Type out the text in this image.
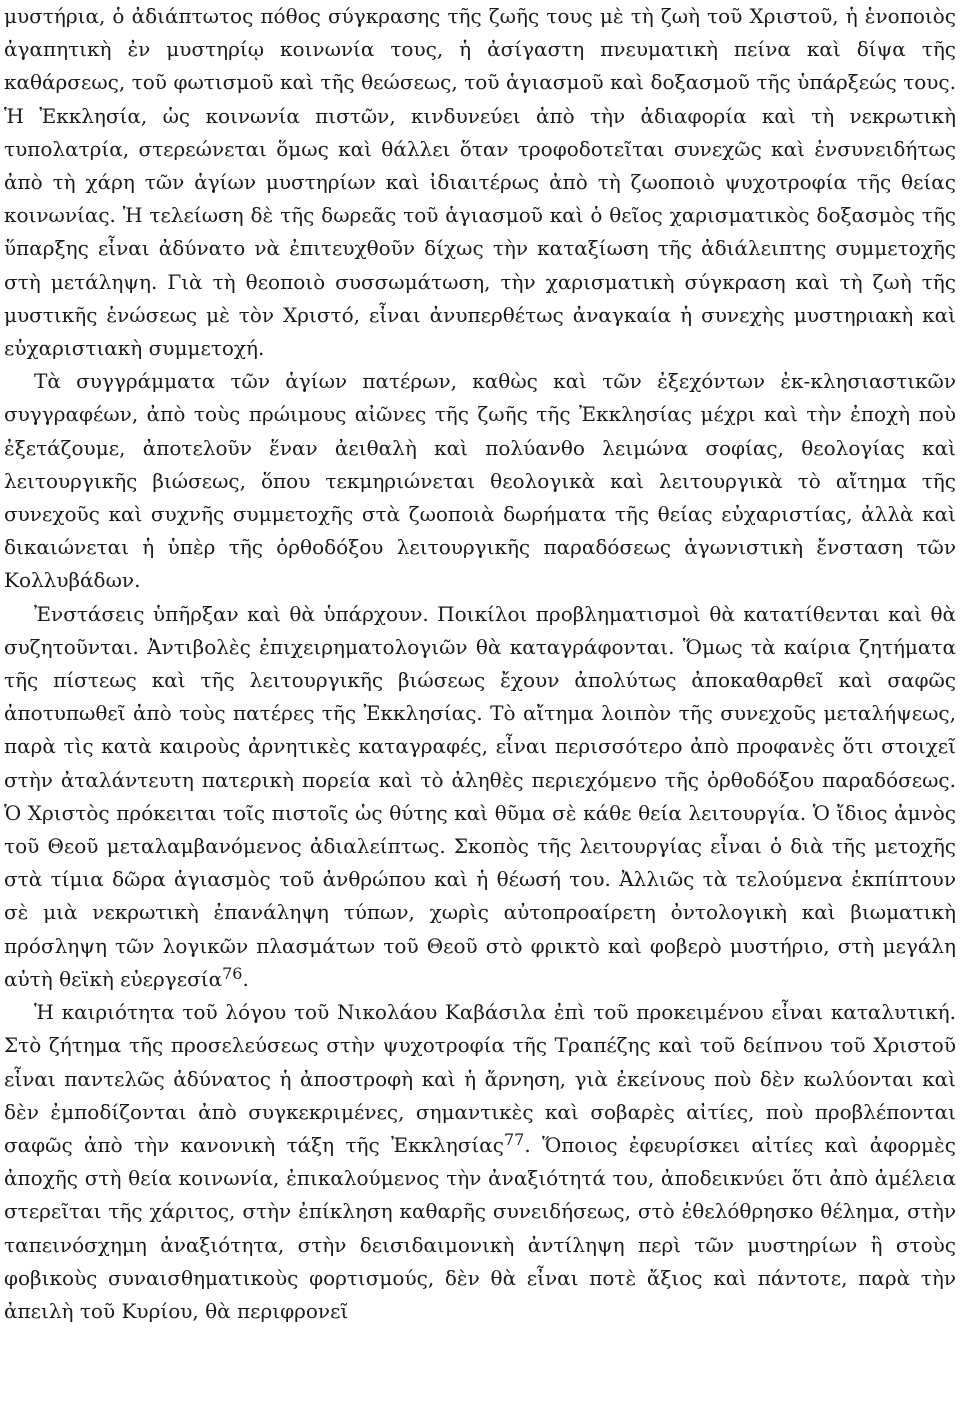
μυστήρια, ὁ ἀδιάπτωτος πόθος σύγκρασης τῆς ζωῆς τους μὲ τὴ ζωὴ τοῦ Χριστοῦ, ἡ ἑνοποιὸς ἀγαπητικὴ ἐν μυστηρίῳ κοινωνία τους, ἡ ἀσίγαστη πνευματικὴ πείνα καὶ δίψα τῆς καθάρσεως, τοῦ φωτισμοῦ καὶ τῆς θεώσεως, τοῦ ἁγιασμοῦ καὶ δοξασμοῦ τῆς ὑπάρξεώς τους. Ἡ Ἐκκλησία, ὡς κοινωνία πιστῶν, κινδυνεύει ἀπὸ τὴν ἀδιαφορία καὶ τὴ νεκρωτικὴ τυπολατρία, στερεώνεται ὅμως καὶ θάλλει ὅταν τροφοδοτεῖται συνεχῶς καὶ ἐνσυνειδήτως ἀπὸ τὴ χάρη τῶν ἁγίων μυστηρίων καὶ ἰδιαιτέρως ἀπὸ τὴ ζωοποιὸ ψυχοτροφία τῆς θείας κοινωνίας. Ἡ τελείωση δὲ τῆς δωρεᾶς τοῦ ἁγιασμοῦ καὶ ὁ θεῖος χαρισματικὸς δοξασμὸς τῆς ὕπαρξης εἶναι ἀδύνατο νὰ ἐπιτευχθοῦν δίχως τὴν καταξίωση τῆς ἀδιάλειπτης συμμετοχῆς στὴ μετάληψη. Γιὰ τὴ θεοποιὸ συσσωμάτωση, τὴν χαρισματικὴ σύγκραση καὶ τὴ ζωὴ τῆς μυστικῆς ἑνώσεως μὲ τὸν Χριστό, εἶναι ἀνυπερθέτως ἀναγκαία ἡ συνεχὴς μυστηριακὴ καὶ εὐχαριστιακὴ συμμετοχή.

Τὰ συγγράμματα τῶν ἁγίων πατέρων, καθὼς καὶ τῶν ἐξεχόντων ἐκ-κλησιαστικῶν συγγραφέων, ἀπὸ τοὺς πρώιμους αἰῶνες τῆς ζωῆς τῆς Ἐκκλησίας μέχρι καὶ τὴν ἐποχὴ ποὺ ἐξετάζουμε, ἀποτελοῦν ἕναν ἀειθαλὴ καὶ πολύανθο λειμώνα σοφίας, θεολογίας καὶ λειτουργικῆς βιώσεως, ὅπου τεκμηριώνεται θεολογικὰ καὶ λειτουργικὰ τὸ αἴτημα τῆς συνεχοῦς καὶ συχνῆς συμμετοχῆς στὰ ζωοποιὰ δωρήματα τῆς θείας εὐχαριστίας, ἀλλὰ καὶ δικαιώνεται ἡ ὑπὲρ τῆς ὀρθοδόξου λειτουργικῆς παραδόσεως ἀγωνιστικὴ ἔνσταση τῶν Κολλυβάδων.

Ἐνστάσεις ὑπῆρξαν καὶ θὰ ὑπάρχουν. Ποικίλοι προβληματισμοὶ θὰ κατατίθενται καὶ θὰ συζητοῦνται. Ἀντιβολὲς ἐπιχειρηματολογιῶν θὰ καταγράφονται. Ὅμως τὰ καίρια ζητήματα τῆς πίστεως καὶ τῆς λειτουργικῆς βιώσεως ἔχουν ἀπολύτως ἀποκαθαρθεῖ καὶ σαφῶς ἀποτυπωθεῖ ἀπὸ τοὺς πατέρες τῆς Ἐκκλησίας. Τὸ αἴτημα λοιπὸν τῆς συνεχοῦς μεταλήψεως, παρὰ τὶς κατὰ καιροὺς ἀρνητικὲς καταγραφές, εἶναι περισσότερο ἀπὸ προφανὲς ὅτι στοιχεῖ στὴν ἀταλάντευτη πατερικὴ πορεία καὶ τὸ ἀληθὲς περιεχόμενο τῆς ὀρθοδόξου παραδόσεως. Ὁ Χριστὸς πρόκειται τοῖς πιστοῖς ὡς θύτης καὶ θῦμα σὲ κάθε θεία λειτουργία. Ὁ ἴδιος ἀμνὸς τοῦ Θεοῦ μεταλαμβανόμενος ἀδιαλείπτως. Σκοπὸς τῆς λειτουργίας εἶναι ὁ διὰ τῆς μετοχῆς στὰ τίμια δῶρα ἁγιασμὸς τοῦ ἀνθρώπου καὶ ἡ θέωσή του. Ἀλλιῶς τὰ τελούμενα ἐκπίπτουν σὲ μιὰ νεκρωτικὴ ἐπανάληψη τύπων, χωρὶς αὐτοπροαίρετη ὀντολογικὴ καὶ βιωματικὴ πρόσληψη τῶν λογικῶν πλασμάτων τοῦ Θεοῦ στὸ φρικτὸ καὶ φοβερὸ μυστήριο, στὴ μεγάλη αὐτὴ θεϊκὴ εὐεργεσία$^{76}$.

Ἡ καιριότητα τοῦ λόγου τοῦ Νικολάου Καβάσιλα ἐπὶ τοῦ προκειμένου εἶναι καταλυτική. Στὸ ζήτημα τῆς προσελεύσεως στὴν ψυχοτροφία τῆς Τραπέζης καὶ τοῦ δείπνου τοῦ Χριστοῦ εἶναι παντελῶς ἀδύνατος ἡ ἀποστροφὴ καὶ ἡ ἄρνηση, γιὰ ἐκείνους ποὺ δὲν κωλύονται καὶ δὲν ἐμποδίζονται ἀπὸ συγκεκριμένες, σημαντικὲς καὶ σοβαρὲς αἰτίες, ποὺ προβλέπονται σαφῶς ἀπὸ τὴν κανονικὴ τάξη τῆς Ἐκκλησίας$^{77}$. Ὅποιος ἐφευρίσκει αἰτίες καὶ ἀφορμὲς ἀποχῆς στὴ θεία κοινωνία, ἐπικαλούμενος τὴν ἀναξιότητά του, ἀποδεικνύει ὅτι ἀπὸ ἀμέλεια στερεῖται τῆς χάριτος, στὴν ἐπίκληση καθαρῆς συνειδήσεως, στὸ ἐθελόθρησκο θέλημα, στὴν ταπεινόσχημη ἀναξιότητα, στὴν δεισιδαιμονικὴ ἀντίληψη περὶ τῶν μυστηρίων ἢ στοὺς φοβικοὺς συναισθηματικοὺς φορτισμούς, δὲν θὰ εἶναι ποτὲ ἄξιος καὶ πάντοτε, παρὰ τὴν ἀπειλὴ τοῦ Κυρίου, θὰ περιφρονεῖ
